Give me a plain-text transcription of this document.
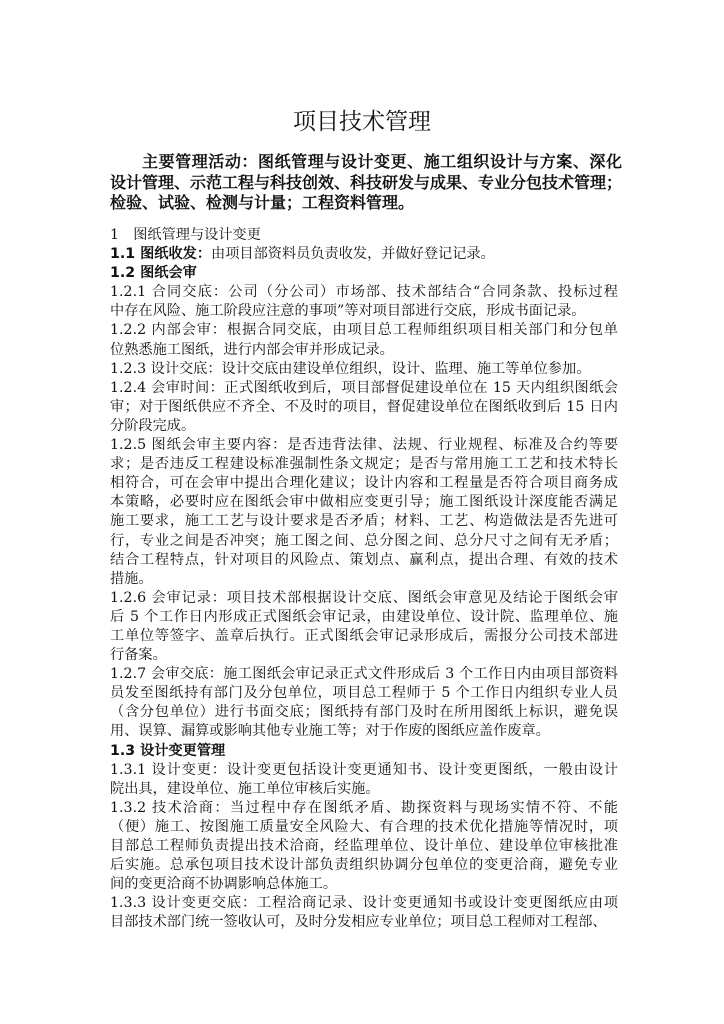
项目技术管理
主要管理活动：图纸管理与设计变更、施工组织设计与方案、深化
设计管理、示范工程与科技创效、科技研发与成果、专业分包技术管理；
检验、试验、检测与计量；工程资料管理。
1　图纸管理与设计变更
1.1 图纸收发：由项目部资料员负责收发，并做好登记记录。
1.2 图纸会审
1.2.1 合同交底：公司（分公司）市场部、技术部结合“合同条款、投标过程
中存在风险、施工阶段应注意的事项”等对项目部进行交底，形成书面记录。
1.2.2 内部会审：根据合同交底，由项目总工程师组织项目相关部门和分包单
位熟悉施工图纸，进行内部会审并形成记录。
1.2.3 设计交底：设计交底由建设单位组织，设计、监理、施工等单位参加。
1.2.4 会审时间：正式图纸收到后，项目部督促建设单位在 15 天内组织图纸会
审；对于图纸供应不齐全、不及时的项目，督促建设单位在图纸收到后 15 日内
分阶段完成。
1.2.5 图纸会审主要内容：是否违背法律、法规、行业规程、标准及合约等要
求；是否违反工程建设标准强制性条文规定；是否与常用施工工艺和技术特长
相符合，可在会审中提出合理化建议；设计内容和工程量是否符合项目商务成
本策略，必要时应在图纸会审中做相应变更引导；施工图纸设计深度能否满足
施工要求，施工工艺与设计要求是否矛盾；材料、工艺、构造做法是否先进可
行，专业之间是否冲突；施工图之间、总分图之间、总分尺寸之间有无矛盾；
结合工程特点，针对项目的风险点、策划点、赢利点，提出合理、有效的技术
措施。
1.2.6 会审记录：项目技术部根据设计交底、图纸会审意见及结论于图纸会审
后 5 个工作日内形成正式图纸会审记录，由建设单位、设计院、监理单位、施
工单位等签字、盖章后执行。正式图纸会审记录形成后，需报分公司技术部进
行备案。
1.2.7 会审交底：施工图纸会审记录正式文件形成后 3 个工作日内由项目部资料
员发至图纸持有部门及分包单位，项目总工程师于 5 个工作日内组织专业人员
（含分包单位）进行书面交底；图纸持有部门及时在所用图纸上标识，避免误
用、误算、漏算或影响其他专业施工等；对于作废的图纸应盖作废章。
1.3 设计变更管理
1.3.1 设计变更：设计变更包括设计变更通知书、设计变更图纸，一般由设计
院出具，建设单位、施工单位审核后实施。
1.3.2 技术洽商：当过程中存在图纸矛盾、勘探资料与现场实情不符、不能
（便）施工、按图施工质量安全风险大、有合理的技术优化措施等情况时，项
目部总工程师负责提出技术洽商，经监理单位、设计单位、建设单位审核批准
后实施。总承包项目技术设计部负责组织协调分包单位的变更洽商，避免专业
间的变更洽商不协调影响总体施工。
1.3.3 设计变更交底：工程洽商记录、设计变更通知书或设计变更图纸应由项
目部技术部门统一签收认可，及时分发相应专业单位；项目总工程师对工程部、
